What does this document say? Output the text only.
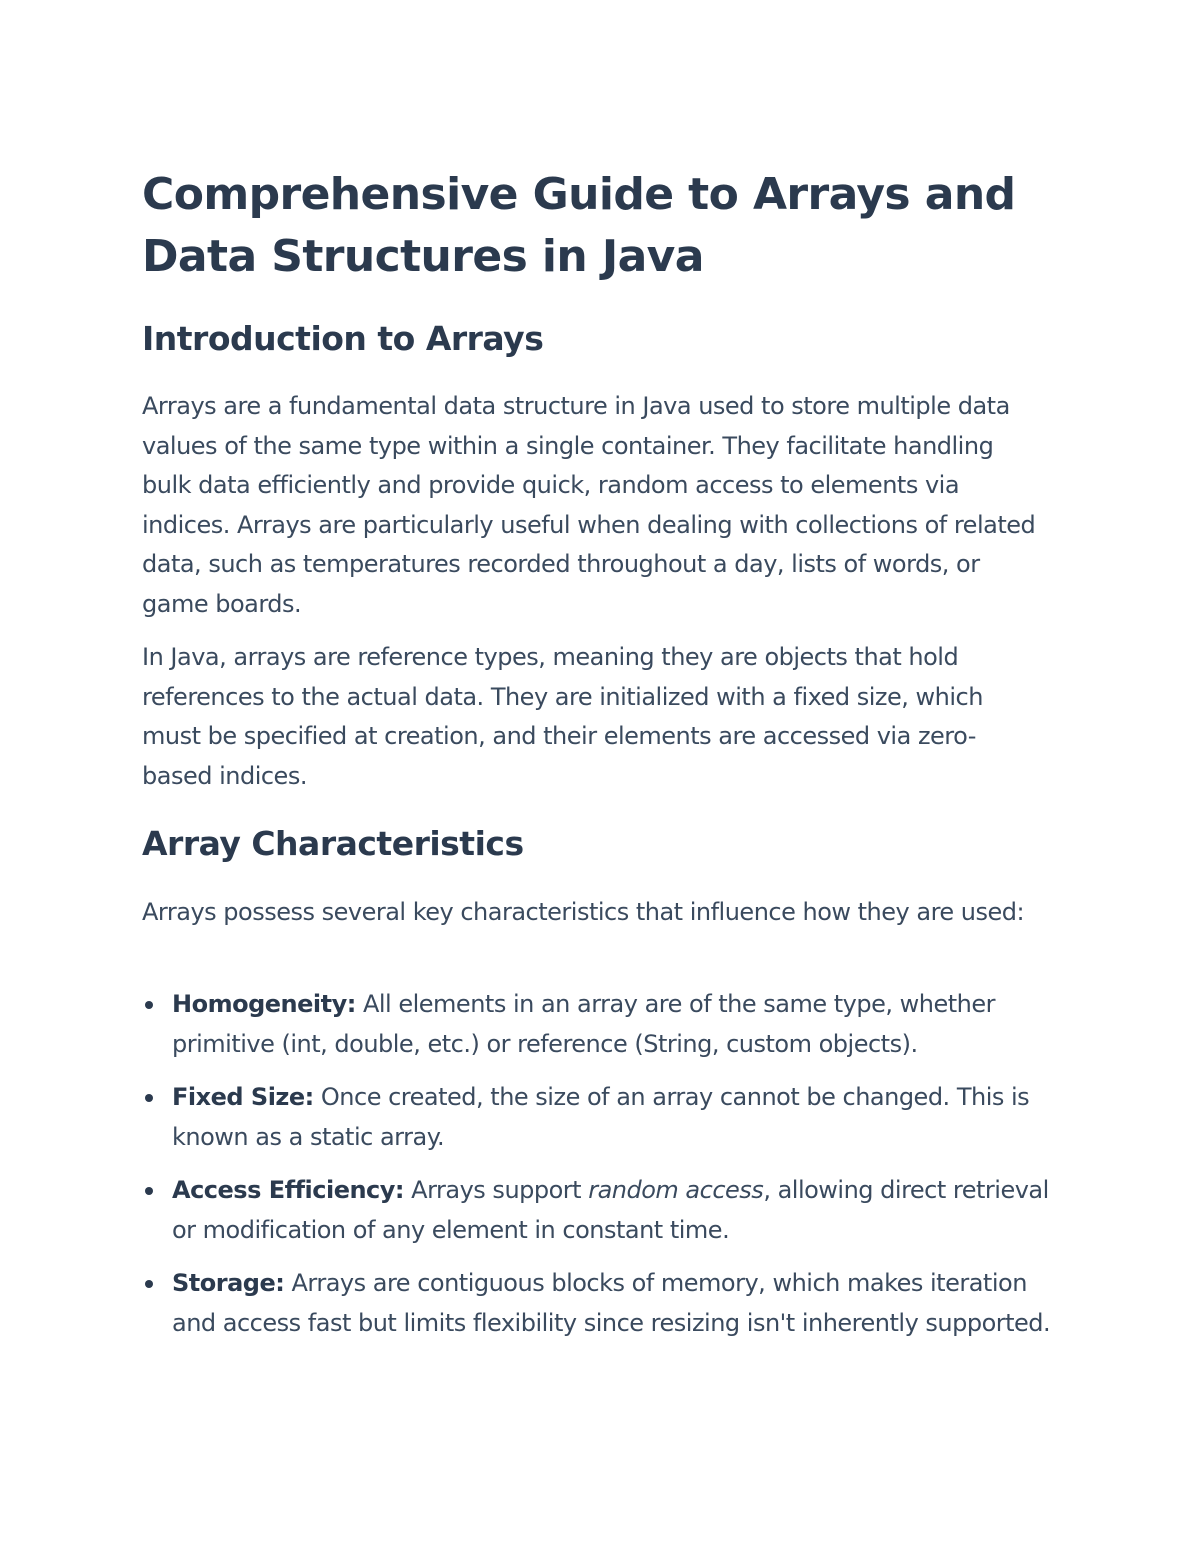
Comprehensive Guide to Arrays and Data Structures in Java
Introduction to Arrays

Arrays are a fundamental data structure in Java used to store multiple data values of the same type within a single container. They facilitate handling bulk data efficiently and provide quick, random access to elements via indices. Arrays are particularly useful when dealing with collections of related data, such as temperatures recorded throughout a day, lists of words, or game boards.

In Java, arrays are reference types, meaning they are objects that hold references to the actual data. They are initialized with a fixed size, which must be specified at creation, and their elements are accessed via zero-based indices.

Array Characteristics

Arrays possess several key characteristics that influence how they are used:

Homogeneity: All elements in an array are of the same type, whether primitive (int, double, etc.) or reference (String, custom objects).
Fixed Size: Once created, the size of an array cannot be changed. This is known as a static array.
Access Efficiency: Arrays support random access, allowing direct retrieval or modification of any element in constant time.
Storage: Arrays are contiguous blocks of memory, which makes iteration and access fast but limits flexibility since resizing isn't inherently supported.
